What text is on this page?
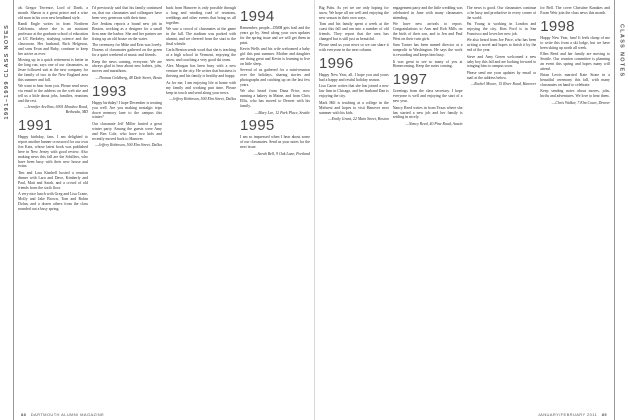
1991–1999 CLASS NOTES
ab. Gregor Terrence, Lord of Darth, a month. Shawn is a great prince and a wise old man in his own new headband style.
Randi Engle writes in from Northern California, where she is an assistant professor at the graduate school of education at UC Berkeley, studying science and the classroom. Her husband, Rich Helgeson, and sons Evan and Ruby, continue to keep her active as ever.
Moving up in a quick retirement is better in the long run, says one of our classmates, as Jesse followed suit at the new company for the family of two in the New England area this summer and fall.
We want to hear from you. Please send news via email to the address on the web site and tell us a little about jobs, families, reunions and the rest.
—Jennifer Avellino, 6901 Meadow Road, Bethesda, MD
1991
Happy birthday, fans. I am delighted to report another banner crossword for our own Jon Katz, whose latest book was published here in New Jersey with good review. Also making news this fall are the Schillers, who have been busy with their new house and twins.
Tim and Lara Kimbell hosted a reunion dinner with Lara and Dave, Kimberly and Paul, Matt and Sarah, and a crowd of old friends from the sixth floor.
A very nice lunch with Greg and Lisa Crane, Molly and Jake Brown, Tom and Robin Dolan, and a dozen others from the class rounded out a busy spring.
I'd previously said that his family continued on, that our classmates and colleagues have been very generous with their time.
Zoe Jenkins reports a brand new job in Boston, working as a designer for a small firm near the harbor. She and her partner are fixing up an old house on the water.
The ceremony for Mike and Erin was lovely. Dozens of classmates gathered on the green for a quiet weekend of music and friends.
Keep the news coming, everyone. We are always glad to hear about new babies, jobs, moves and marathons.
—Thomas Goldberg, 48 Dale Street, Bosto
1993
Happy birthday! I hope December is treating you well. Are you making nostalgic trips down memory lane to the campus this winter?
Our classmate Jeff Miller hosted a great winter party. Among the guests were Amy and Ben Cole, who have two kids and recently moved back to Hanover.
—Jeffrey Robinson, 500 Elm Street, Dallas
back from Hanover is only possible through a long and winding road of reunions, weddings and other events that bring us all together.
We saw a crowd of classmates at the game in the fall. The stadium was packed with alumni, and we cheered from the start to the final whistle.
Carla Benton sends word that she is teaching at a high school in Vermont, enjoying the snow, and coaching a very good ski team.
Alex Morgan has been busy with a new venture in the city. He writes that business is thriving and his family is healthy and happy.
As for me, I am enjoying life at home with my family and working part time. Please keep in touch and send along your news.
—Jeffrey Robinson, 500 Elm Street, Dallas
1994
Remember, people—DMH gets frail and the years go by. Send along your own updates for the spring issue and we will get them in print.
Kevin Wells and his wife welcomed a baby girl this past summer. Mother and daughter are doing great and Kevin is learning to live on little sleep.
Several of us gathered for a mini-reunion over the holidays, sharing stories and photographs and catching up on the last few years.
We also heard from Dana Price, now running a bakery in Maine, and from Chris Ellis, who has moved to Denver with his family.
—Mary Lee, 12 Park Place, Seattle
1995
I am so impressed when I hear about some of our classmates. Send us your notes for the next issue.
—Sarah Bell, 9 Oak Lane, Portland
88 DARTMOUTH ALUMNI MAGAZINE
CLASS NOTES
Big Pubs. As yet we are only hoping for snow. We hope all are well and enjoying the new season in their own ways.
Tom and his family spent a week at the coast this fall and ran into a number of old friends. They report that the area has changed but is still just as beautiful.
Please send us your news so we can share it with everyone in the next column.
1996
Happy New Year, all. I hope you and yours had a happy and restful holiday season.
Lisa Carter writes that she has joined a new law firm in Chicago, and her husband Dan is enjoying the city.
Mark Hill is teaching at a college in the Midwest and hopes to visit Hanover next summer with his kids.
—Emily Grant, 22 Main Street, Boston
engagement party and the little wedding was celebrated in June with many classmates attending.
We have new arrivals to report. Congratulations to Ann and Rob Mills on the birth of their son, and to Jen and Paul West on their twin girls.
Sam Turner has been named director at a nonprofit in Washington. He says the work is rewarding and keeps him busy.
It was great to see so many of you at Homecoming. Keep the notes coming.
1997
Greetings from the class secretary. I hope everyone is well and enjoying the start of a new year.
Nancy Reed writes in from Texas where she has started a new job and her family is settling in nicely.
—Nancy Reed, 40 Pine Road, Austin
The news is good. Our classmates continue to be busy and productive in every corner of the world.
Pat Young is working in London and enjoying the city. Kim Ford is in San Francisco and loves her new job.
We also heard from Joe Price, who has been writing a novel and hopes to finish it by the end of the year.
Steve and Amy Green welcomed a new baby boy this fall and are looking forward to bringing him to campus soon.
Please send me your updates by email or mail at the address below.
—Rachel Moore, 15 River Road, Hanover
for Bell. The cover Christine Kanakes and Ewan Weir join the class news this month.
1998
Happy New Year, fam! It feels cheap of me to write this from a ski lodge, but we have been skiing up north all week.
Ellen Reed and her family are moving to Seattle. Our reunion committee is planning an event this spring and hopes many will attend.
Brian Lewis married Kate Stone in a beautiful ceremony this fall, with many classmates on hand to celebrate.
Keep sending notes about moves, jobs, births and adventures. We love to hear them.
—Chris Walker, 7 Elm Court, Denver
JANUARY/FEBRUARY 2011 89
